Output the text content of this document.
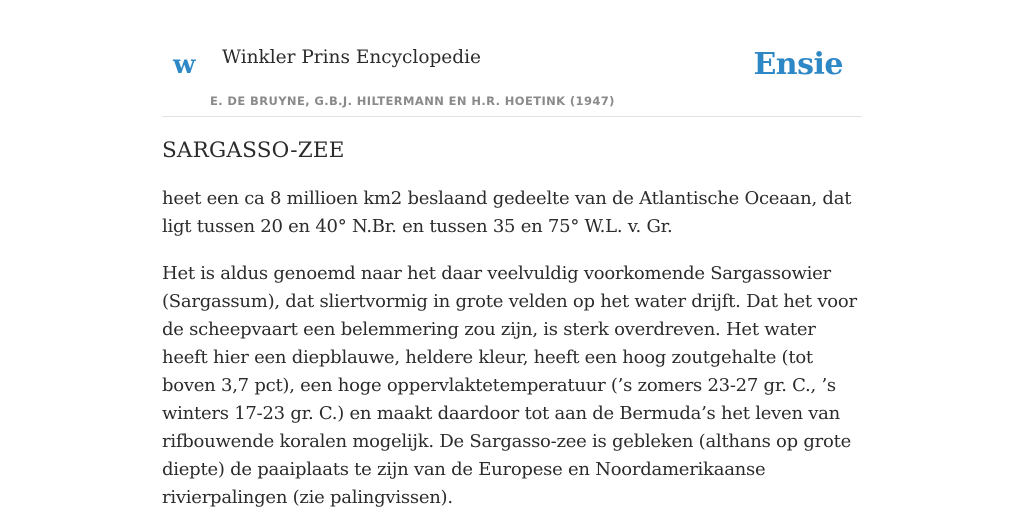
w Winkler Prins Encyclopedie
E. DE BRUYNE, G.B.J. HILTERMANN EN H.R. HOETINK (1947)
Ensie
SARGASSO-ZEE

heet een ca 8 millioen km2 beslaand gedeelte van de Atlantische Oceaan, dat ligt tussen 20 en 40° N.Br. en tussen 35 en 75° W.L. v. Gr.

Het is aldus genoemd naar het daar veelvuldig voorkomende Sargassowier (Sargassum), dat sliertvormig in grote velden op het water drijft. Dat het voor de scheepvaart een belemmering zou zijn, is sterk overdreven. Het water heeft hier een diepblauwe, heldere kleur, heeft een hoog zoutgehalte (tot boven 3,7 pct), een hoge oppervlaktetemperatuur (’s zomers 23-27 gr. C., ’s winters 17-23 gr. C.) en maakt daardoor tot aan de Bermuda’s het leven van rifbouwende koralen mogelijk. De Sargasso-zee is gebleken (althans op grote diepte) de paaiplaats te zijn van de Europese en Noordamerikaanse rivierpalingen (zie palingvissen).
